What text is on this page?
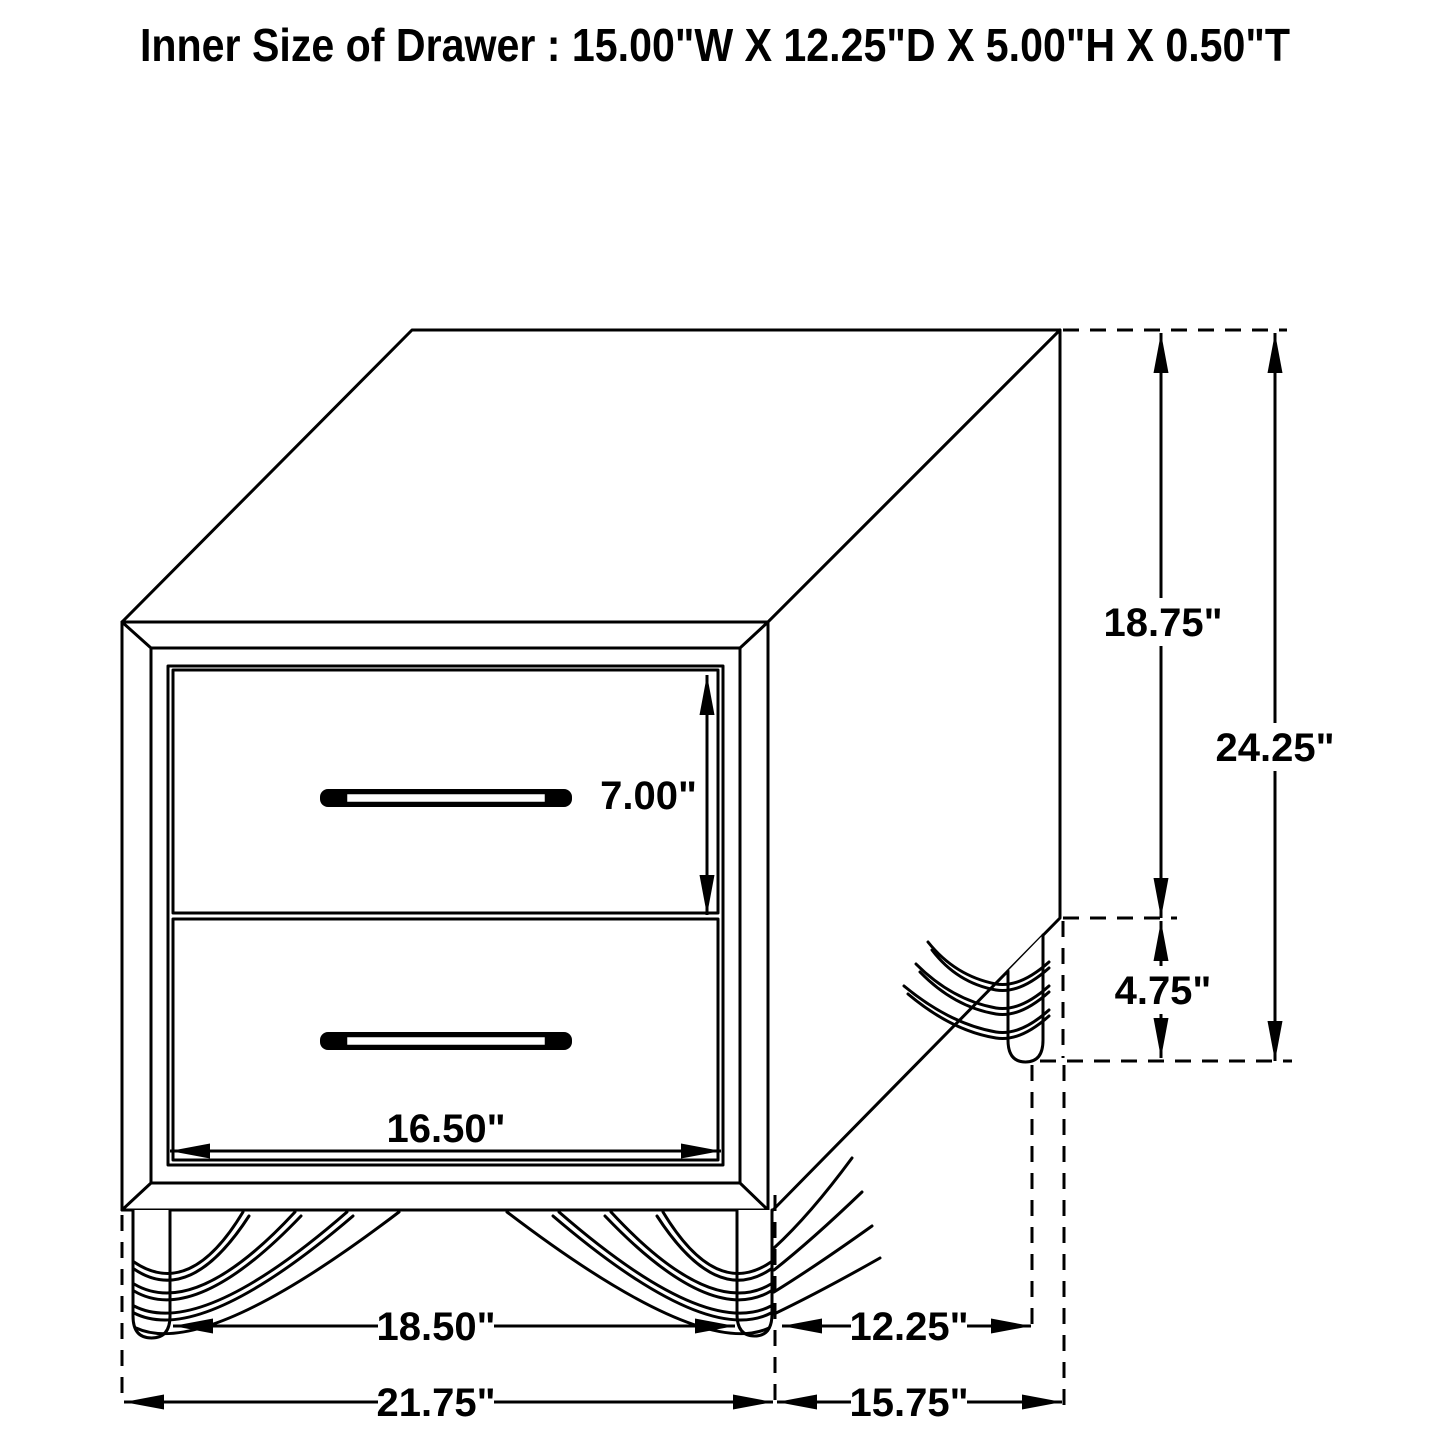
7.00"
18.75"
24.25"
4.75"
16.50"
18.50"	12.25"
21.75"	15.75"
Inner Size of Drawer : 15.00"W X 12.25"D X 5.00"H X 0.50"T
